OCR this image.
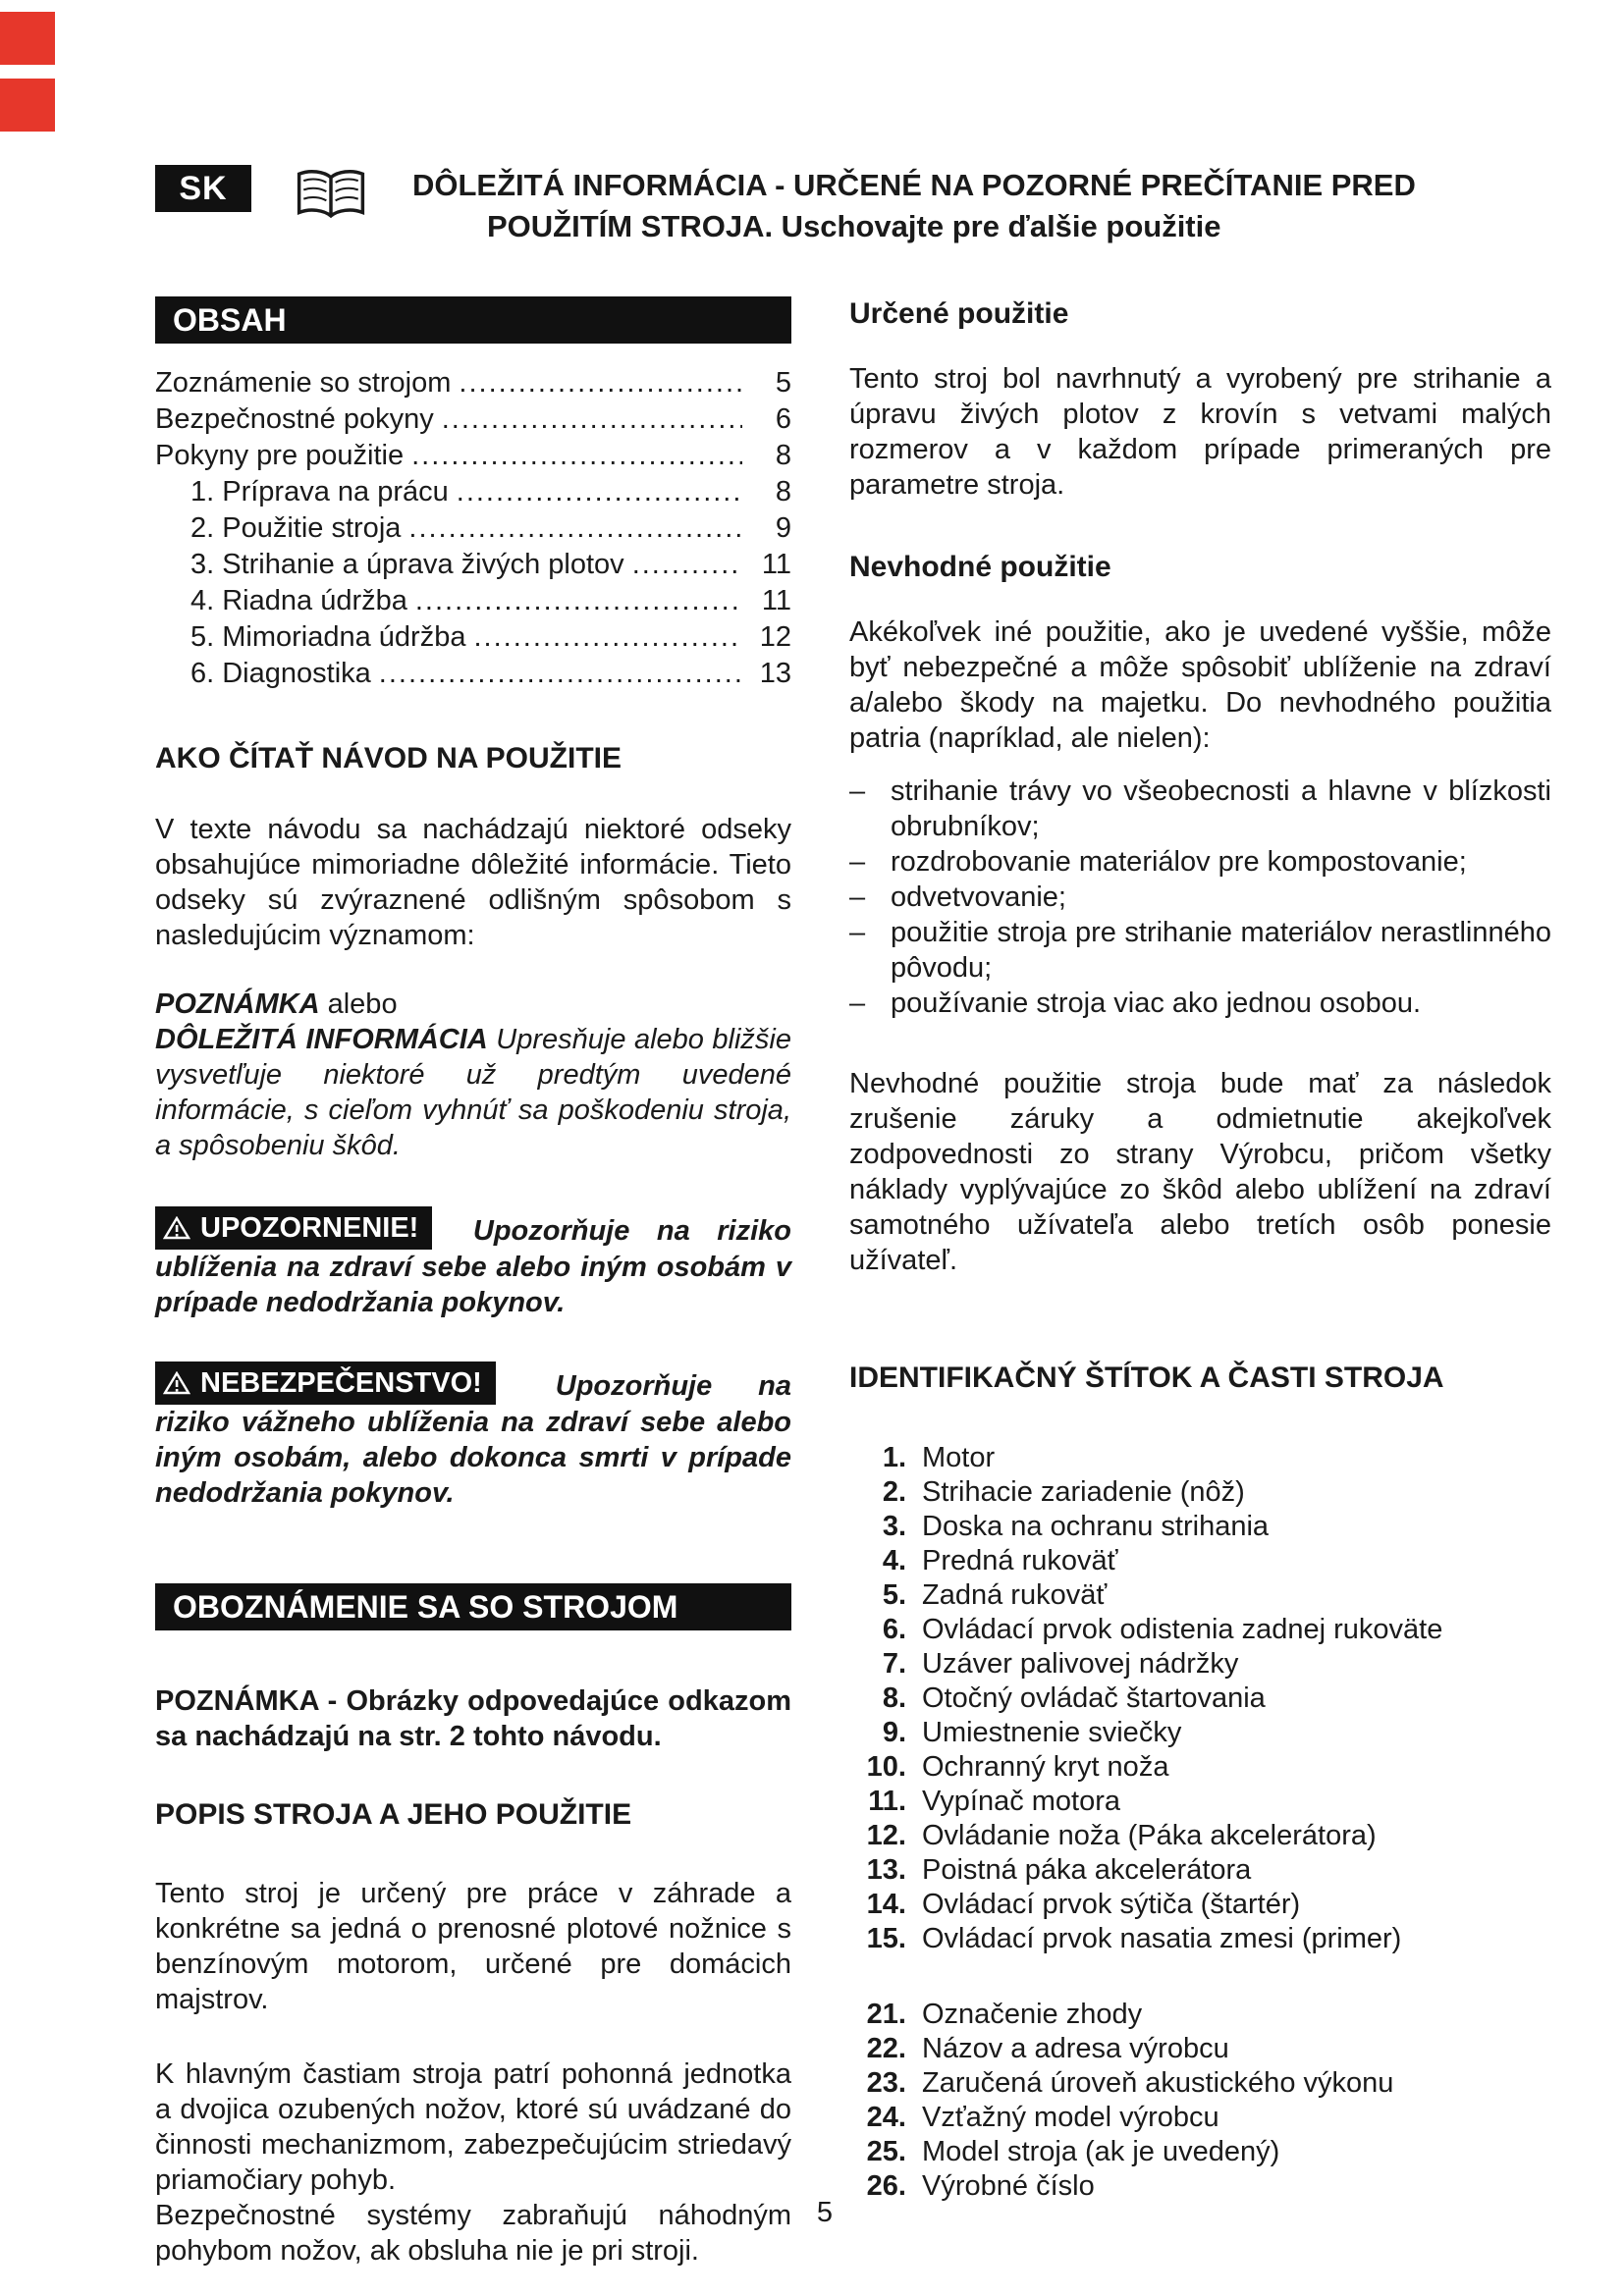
SK	DÔLEŽITÁ INFORMÁCIA - URČENÉ NA POZORNÉ PREČÍTANIE PRED
POUŽITÍM STROJA. Uschovajte pre ďalšie použitie
OBSAH
Zoznámenie so strojom .....	5
Bezpečnostné pokyny .....	6
Pokyny pre použitie .....	8
1. Príprava na prácu .....	8
2. Použitie stroja .....	9
3. Strihanie a úprava živých plotov .....	11
4. Riadna údržba .....	11
5. Mimoriadna údržba .....	12
6. Diagnostika .....	13
AKO ČÍTAŤ NÁVOD NA POUŽITIE

V texte návodu sa nachádzajú niektoré odseky obsahujúce mimoriadne dôležité informácie. Tieto odseky sú zvýraznené odlišným spôsobom s nasledujúcim významom:

POZNÁMKA alebo

DÔLEŽITÁ INFORMÁCIA Upresňuje alebo bližšie vysvetľuje niektoré už predtým uvedené informácie, s cieľom vyhnúť sa poškodeniu stroja, a spôsobeniu škôd.

UPOZORNENIE! Upozorňuje na riziko ublíženia na zdraví sebe alebo iným osobám v prípade nedodržania pokynov.

NEBEZPEČENSTVO!	Upozorňuje na riziko vážneho ublíženia na zdraví sebe alebo iným osobám, alebo dokonca smrti v prípade nedodržania pokynov.

OBOZNÁMENIE SA SO STROJOM

POZNÁMKA - Obrázky odpovedajúce odkazom sa nachádzajú na str. 2 tohto návodu.

POPIS STROJA A JEHO POUŽITIE

Tento stroj je určený pre práce v záhrade a konkrétne sa jedná o prenosné plotové nožnice s benzínovým motorom, určené pre domácich majstrov.

K hlavným častiam stroja patrí pohonná jednotka a dvojica ozubených nožov, ktoré sú uvádzané do činnosti mechanizmom, zabezpečujúcim striedavý priamočiary pohyb.

Bezpečnostné systémy zabraňujú náhodným pohybom nožov, ak obsluha nie je pri stroji.

Určené použitie

Tento stroj bol navrhnutý a vyrobený pre strihanie a úpravu živých plotov z krovín s vetvami malých rozmerov a v každom prípade primeraných pre parametre stroja.

Nevhodné použitie

Akékoľvek iné použitie, ako je uvedené vyššie, môže byť nebezpečné a môže spôsobiť ublíženie na zdraví a/alebo škody na majetku. Do nevhodného použitia patria (napríklad, ale nielen):

– strihanie trávy vo všeobecnosti a hlavne v blízkosti obrubníkov;
– rozdrobovanie materiálov pre kompostovanie;
– odvetvovanie;
– použitie stroja pre strihanie materiálov nerastlinného pôvodu;
– používanie stroja viac ako jednou osobou.

Nevhodné použitie stroja bude mať za následok zrušenie záruky a odmietnutie akejkoľvek zodpovednosti zo strany Výrobcu, pričom všetky náklady vyplývajúce zo škôd alebo ublížení na zdraví samotného užívateľa alebo tretích osôb ponesie užívateľ.

IDENTIFIKAČNÝ ŠTÍTOK A ČASTI STROJA
1. Motor
2. Strihacie zariadenie (nôž)
3. Doska na ochranu strihania
4. Predná rukoväť
5. Zadná rukoväť
6. Ovládací prvok odistenia zadnej rukoväte
7. Uzáver palivovej nádržky
8. Otočný ovládač štartovania
9. Umiestnenie sviečky
10. Ochranný kryt noža
11. Vypínač motora
12. Ovládanie noža (Páka akcelerátora)
13. Poistná páka akcelerátora
14. Ovládací prvok sýtiča (štartér)
15. Ovládací prvok nasatia zmesi (primer)
21. Označenie zhody
22. Názov a adresa výrobcu
23. Zaručená úroveň akustického výkonu
24. Vzťažný model výrobcu
25. Model stroja (ak je uvedený)
26. Výrobné číslo
5
